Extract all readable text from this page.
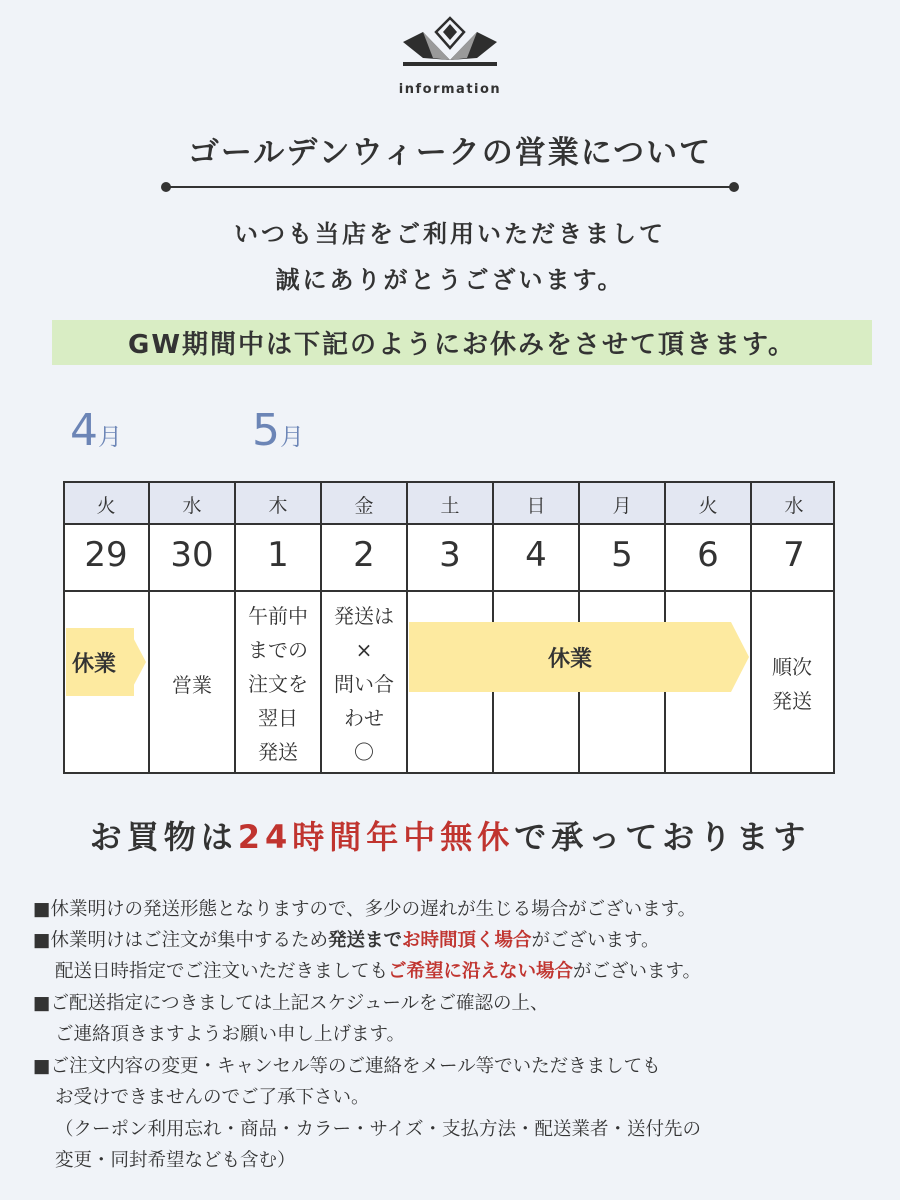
information
ゴールデンウィークの営業について
いつも当店をご利用いただきまして
誠にありがとうございます。
GW期間中は下記のようにお休みをさせて頂きます。
4月	5月
火
29
水
30
木
1
金
2
土
3
日
4
月
5
火
6
水
7
休業
営業
午前中
までの
注文を
翌日
発送
発送は
×
問い合
わせ
〇
休業	順次
発送
お買物は24時間年中無休で承っております
■休業明けの発送形態となりますので、多少の遅れが生じる場合がございます。
■休業明けはご注文が集中するため発送までお時間頂く場合がございます。
配送日時指定でご注文いただきましてもご希望に沿えない場合がございます。
■ご配送指定につきましては上記スケジュールをご確認の上、
ご連絡頂きますようお願い申し上げます。
■ご注文内容の変更・キャンセル等のご連絡をメール等でいただきましても
お受けできませんのでご了承下さい。
（クーポン利用忘れ・商品・カラー・サイズ・支払方法・配送業者・送付先の
変更・同封希望なども含む）
